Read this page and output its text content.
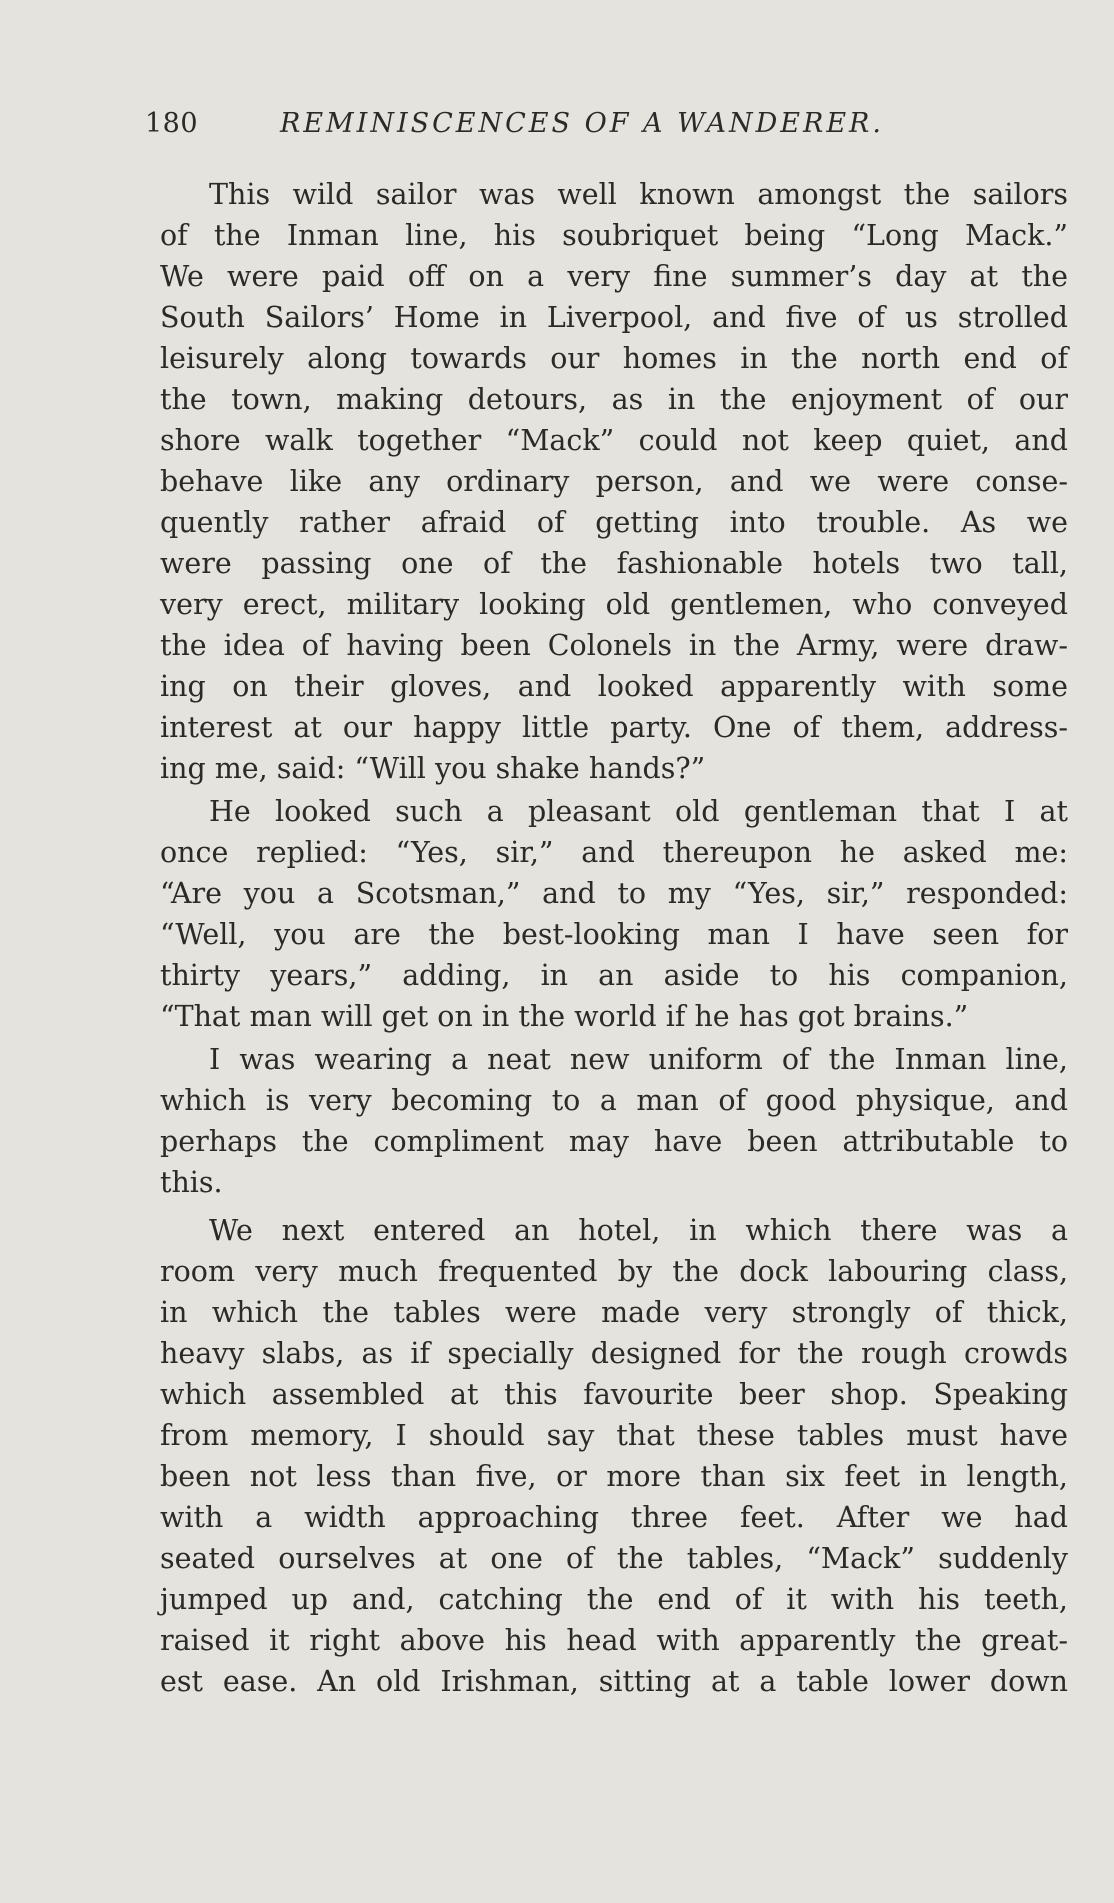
180	REMINISCENCES OF A WANDERER.
This wild sailor was well known amongst the sailors
of the Inman line, his soubriquet being “Long Mack.”
We were paid off on a very fine summer’s day at the
South Sailors’ Home in Liverpool, and five of us strolled
leisurely along towards our homes in the north end of
the town, making detours, as in the enjoyment of our
shore walk together “Mack” could not keep quiet, and
behave like any ordinary person, and we were conse-
quently rather afraid of getting into trouble. As we
were passing one of the fashionable hotels two tall,
very erect, military looking old gentlemen, who conveyed
the idea of having been Colonels in the Army, were draw-
ing on their gloves, and looked apparently with some
interest at our happy little party. One of them, address-
ing me, said: “Will you shake hands?”
He looked such a pleasant old gentleman that I at
once replied: “Yes, sir,” and thereupon he asked me:
“Are you a Scotsman,” and to my “Yes, sir,” responded:
“Well, you are the best-looking man I have seen for
thirty years,” adding, in an aside to his companion,
“That man will get on in the world if he has got brains.”
I was wearing a neat new uniform of the Inman line,
which is very becoming to a man of good physique, and
perhaps the compliment may have been attributable to
this.
We next entered an hotel, in which there was a
room very much frequented by the dock labouring class,
in which the tables were made very strongly of thick,
heavy slabs, as if specially designed for the rough crowds
which assembled at this favourite beer shop. Speaking
from memory, I should say that these tables must have
been not less than five, or more than six feet in length,
with a width approaching three feet. After we had
seated ourselves at one of the tables, “Mack” suddenly
jumped up and, catching the end of it with his teeth,
raised it right above his head with apparently the great-
est ease. An old Irishman, sitting at a table lower down
